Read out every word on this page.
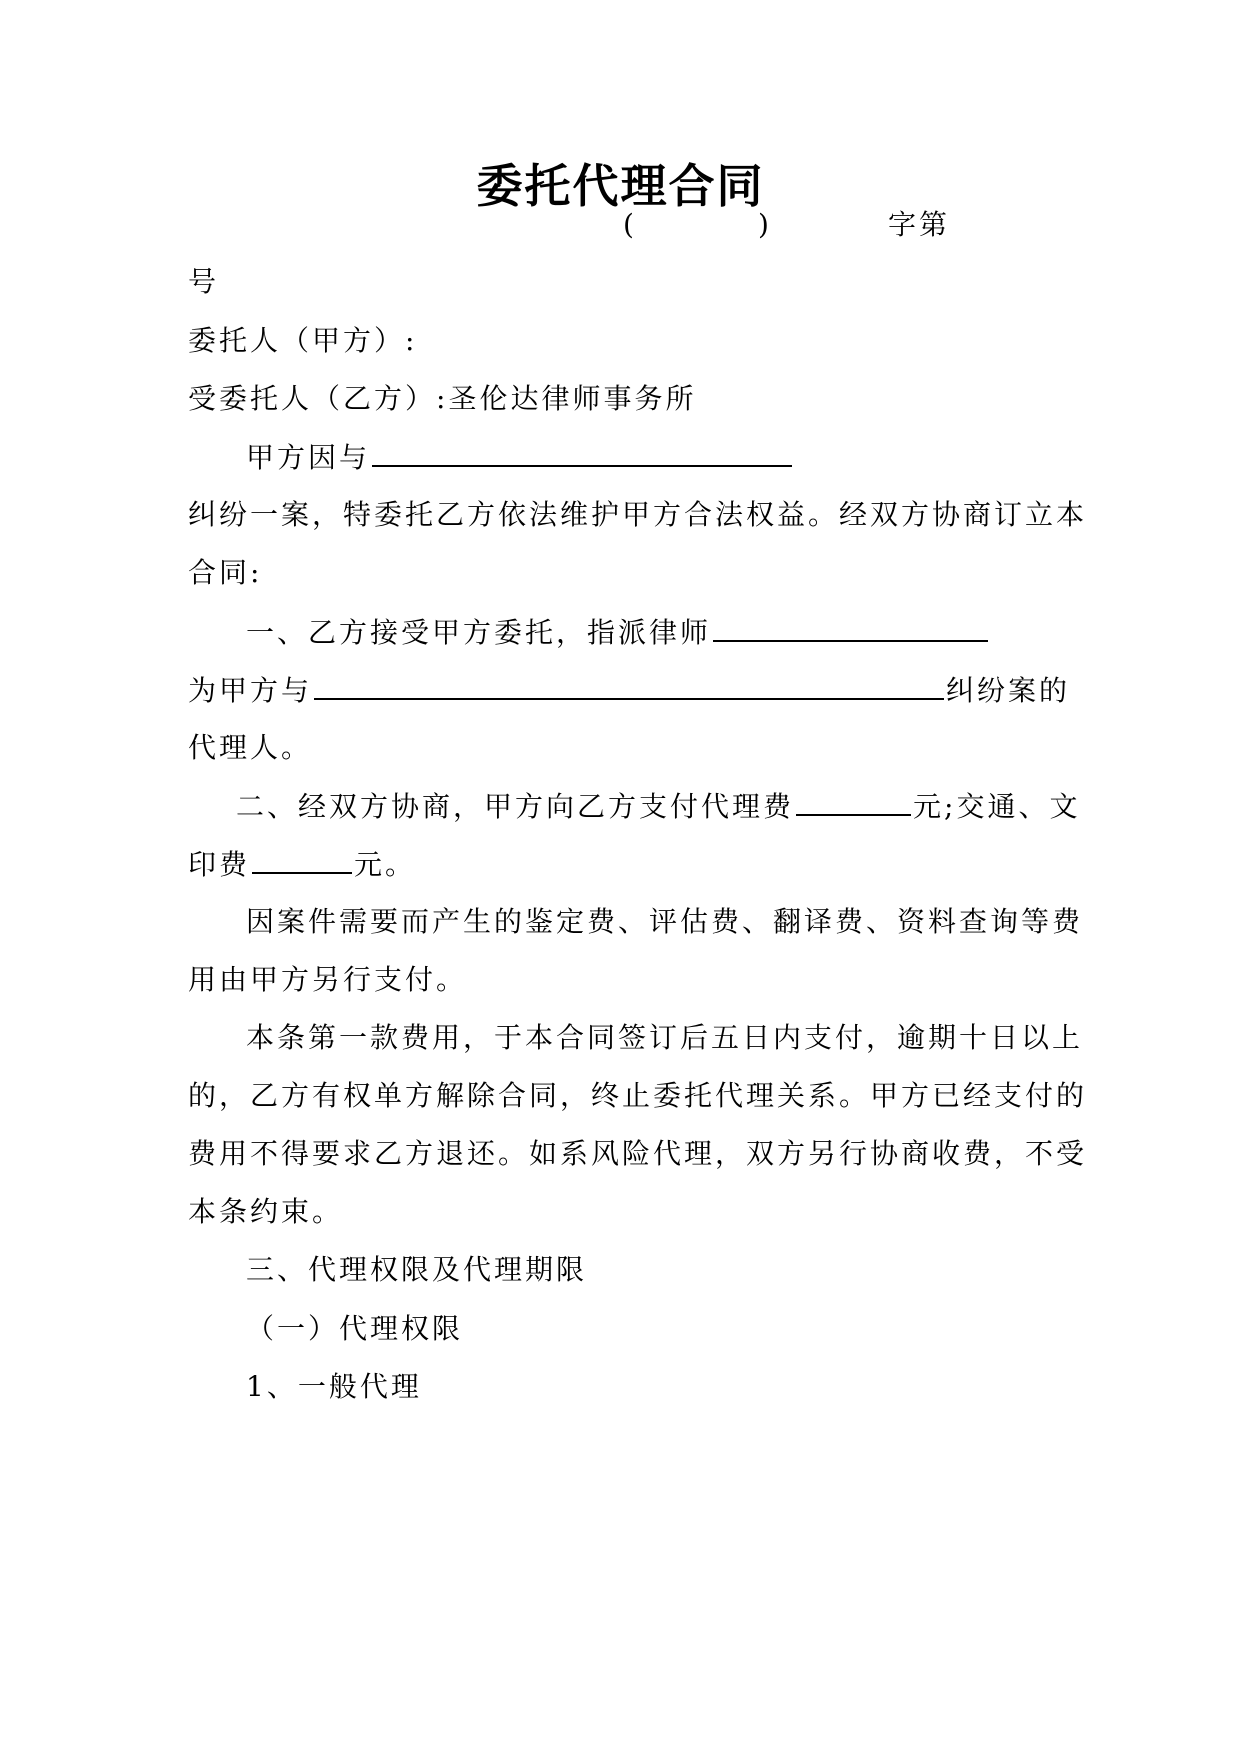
委托代理合同
(	)	字第
号
委托人（甲方）:
受委托人（乙方）:圣伦达律师事务所
甲方因与
纠纷一案，特委托乙方依法维护甲方合法权益。经双方协商订立本
合同:
一、乙方接受甲方委托，指派律师
为甲方与	纠纷案的
代理人。
二、经双方协商，甲方向乙方支付代理费	元;交通、文
印费	元。
因案件需要而产生的鉴定费、评估费、翻译费、资料查询等费
用由甲方另行支付。
本条第一款费用，于本合同签订后五日内支付，逾期十日以上
的，乙方有权单方解除合同，终止委托代理关系。甲方已经支付的
费用不得要求乙方退还。如系风险代理，双方另行协商收费，不受
本条约束。
三、代理权限及代理期限
（一）代理权限
1、一般代理
